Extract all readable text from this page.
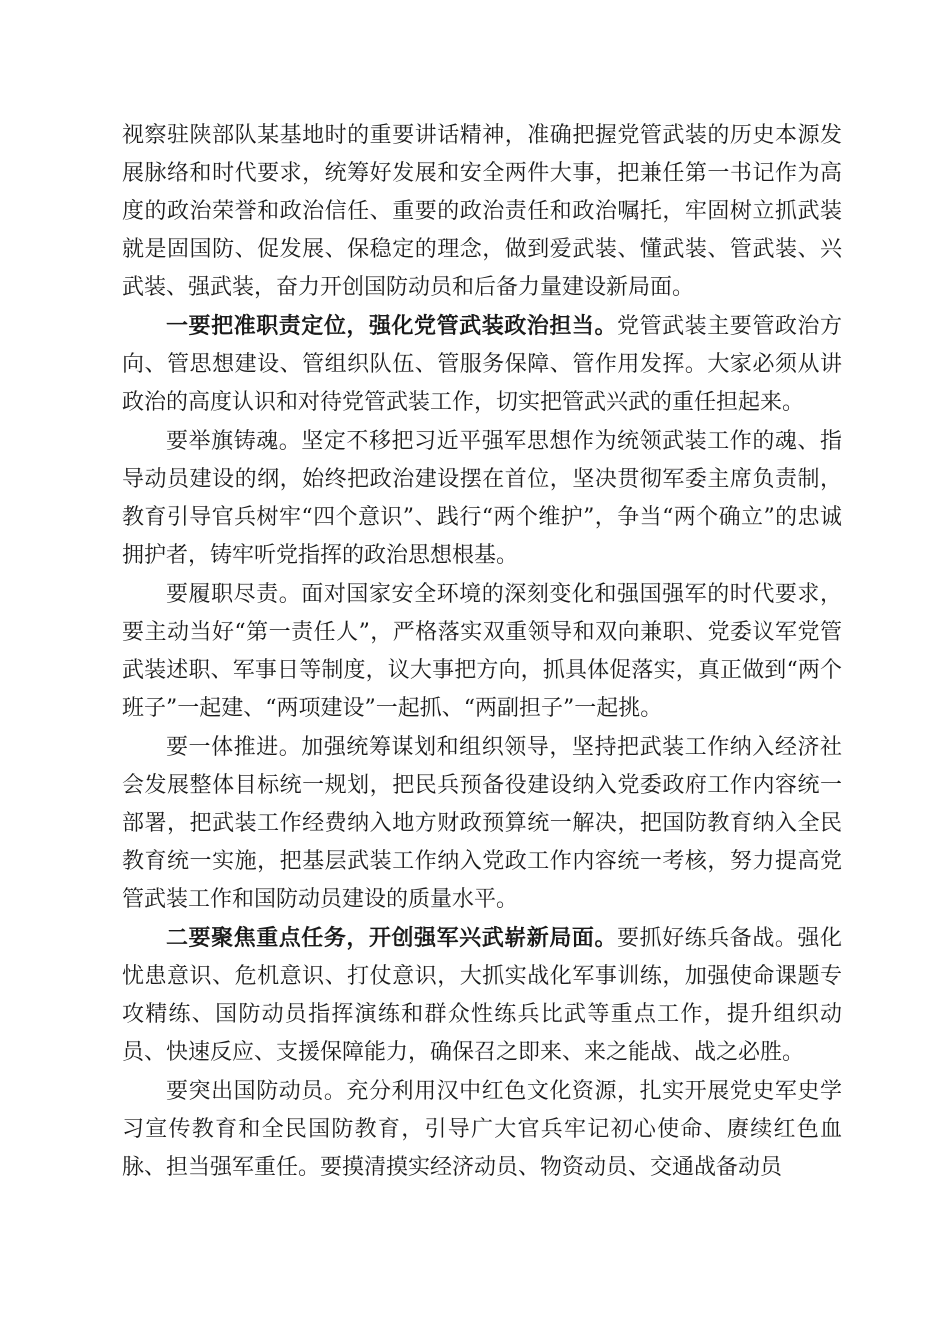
视察驻陕部队某基地时的重要讲话精神，准确把握党管武装的历史本源发展脉络和时代要求，统筹好发展和安全两件大事，把兼任第一书记作为高度的政治荣誉和政治信任、重要的政治责任和政治嘱托，牢固树立抓武装就是固国防、促发展、保稳定的理念，做到爱武装、懂武装、管武装、兴武装、强武装，奋力开创国防动员和后备力量建设新局面。

一要把准职责定位，强化党管武装政治担当。党管武装主要管政治方向、管思想建设、管组织队伍、管服务保障、管作用发挥。大家必须从讲政治的高度认识和对待党管武装工作，切实把管武兴武的重任担起来。

要举旗铸魂。坚定不移把习近平强军思想作为统领武装工作的魂、指导动员建设的纲，始终把政治建设摆在首位，坚决贯彻军委主席负责制，教育引导官兵树牢“四个意识”、践行“两个维护”，争当“两个确立”的忠诚拥护者，铸牢听党指挥的政治思想根基。

要履职尽责。面对国家安全环境的深刻变化和强国强军的时代要求，要主动当好“第一责任人”，严格落实双重领导和双向兼职、党委议军党管武装述职、军事日等制度，议大事把方向，抓具体促落实，真正做到“两个班子”一起建、“两项建设”一起抓、“两副担子”一起挑。

要一体推进。加强统筹谋划和组织领导，坚持把武装工作纳入经济社会发展整体目标统一规划，把民兵预备役建设纳入党委政府工作内容统一部署，把武装工作经费纳入地方财政预算统一解决，把国防教育纳入全民教育统一实施，把基层武装工作纳入党政工作内容统一考核，努力提高党管武装工作和国防动员建设的质量水平。

二要聚焦重点任务，开创强军兴武崭新局面。要抓好练兵备战。强化忧患意识、危机意识、打仗意识，大抓实战化军事训练，加强使命课题专攻精练、国防动员指挥演练和群众性练兵比武等重点工作，提升组织动员、快速反应、支援保障能力，确保召之即来、来之能战、战之必胜。

要突出国防动员。充分利用汉中红色文化资源，扎实开展党史军史学习宣传教育和全民国防教育，引导广大官兵牢记初心使命、赓续红色血脉、担当强军重任。要摸清摸实经济动员、物资动员、交通战备动员
